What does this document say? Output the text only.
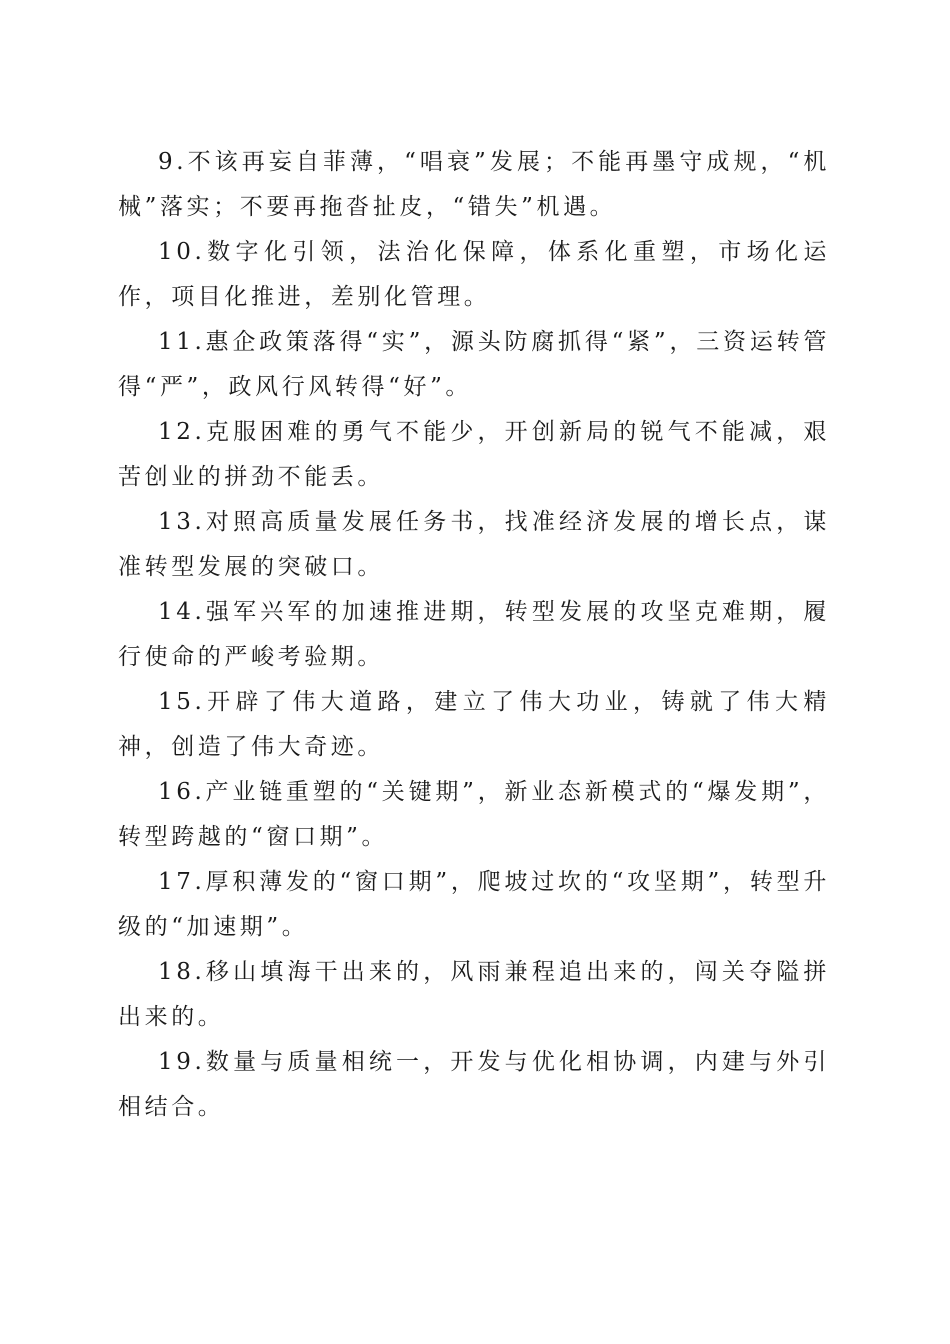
9.不该再妄自菲薄，“唱衰”发展；不能再墨守成规，“机械”落实；不要再拖沓扯皮，“错失”机遇。

10.数字化引领，法治化保障，体系化重塑，市场化运作，项目化推进，差别化管理。

11.惠企政策落得“实”，源头防腐抓得“紧”，三资运转管得“严”，政风行风转得“好”。

12.克服困难的勇气不能少，开创新局的锐气不能减，艰苦创业的拼劲不能丢。

13.对照高质量发展任务书，找准经济发展的增长点，谋准转型发展的突破口。

14.强军兴军的加速推进期，转型发展的攻坚克难期，履行使命的严峻考验期。

15.开辟了伟大道路，建立了伟大功业，铸就了伟大精神，创造了伟大奇迹。

16.产业链重塑的“关键期”，新业态新模式的“爆发期”，转型跨越的“窗口期”。

17.厚积薄发的“窗口期”，爬坡过坎的“攻坚期”，转型升级的“加速期”。

18.移山填海干出来的，风雨兼程追出来的，闯关夺隘拼出来的。

19.数量与质量相统一，开发与优化相协调，内建与外引相结合。
